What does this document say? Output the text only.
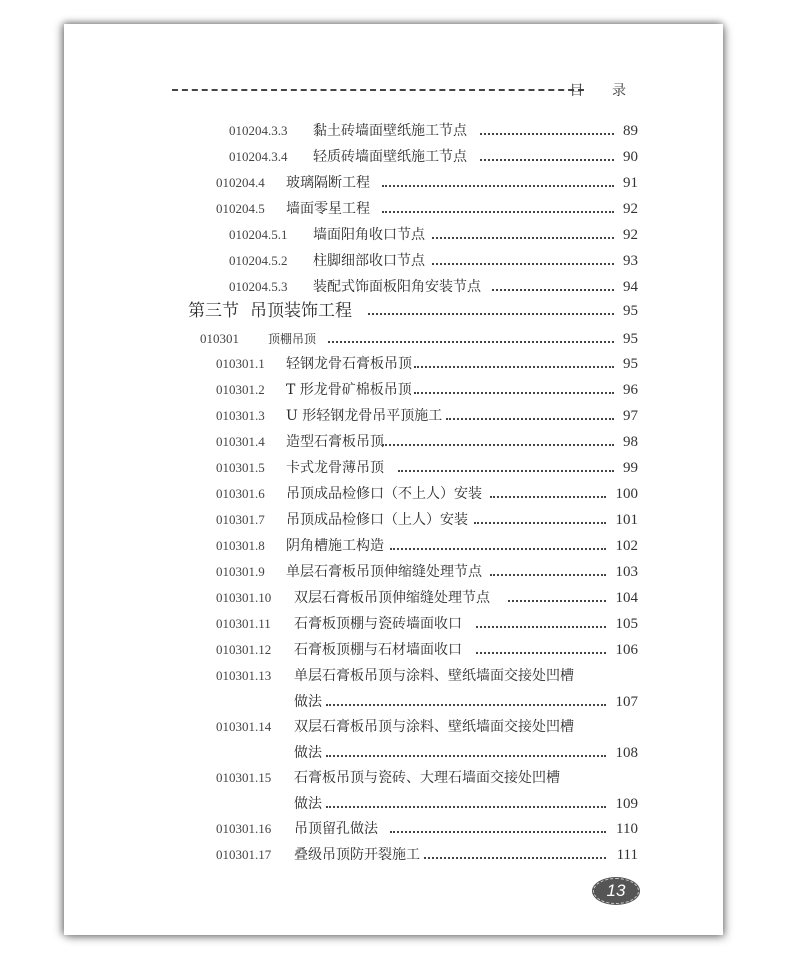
目 录
010204.3.3 黏土砖墙面壁纸施工节点	89
010204.3.4 轻质砖墙面壁纸施工节点	90
010204.4 玻璃隔断工程	91
010204.5 墙面零星工程	92
010204.5.1 墙面阳角收口节点	92
010204.5.2 柱脚细部收口节点	93
010204.5.3 装配式饰面板阳角安装节点	94
第三节 吊顶装饰工程	95
010301 顶棚吊顶	95
010301.1 轻钢龙骨石膏板吊顶	95
010301.2 T 形龙骨矿棉板吊顶	96
010301.3 U 形轻钢龙骨吊平顶施工	97
010301.4 造型石膏板吊顶	98
010301.5 卡式龙骨薄吊顶	99
010301.6 吊顶成品检修口（不上人）安装	100
010301.7 吊顶成品检修口（上人）安装	101
010301.8 阴角槽施工构造	102
010301.9 单层石膏板吊顶伸缩缝处理节点	103
010301.10 双层石膏板吊顶伸缩缝处理节点	104
010301.11 石膏板顶棚与瓷砖墙面收口	105
010301.12 石膏板顶棚与石材墙面收口	106
010301.13 单层石膏板吊顶与涂料、壁纸墙面交接处凹槽
做法	107
010301.14 双层石膏板吊顶与涂料、壁纸墙面交接处凹槽
做法	108
010301.15 石膏板吊顶与瓷砖、大理石墙面交接处凹槽
做法	109
010301.16 吊顶留孔做法	110
010301.17 叠级吊顶防开裂施工	111
13
